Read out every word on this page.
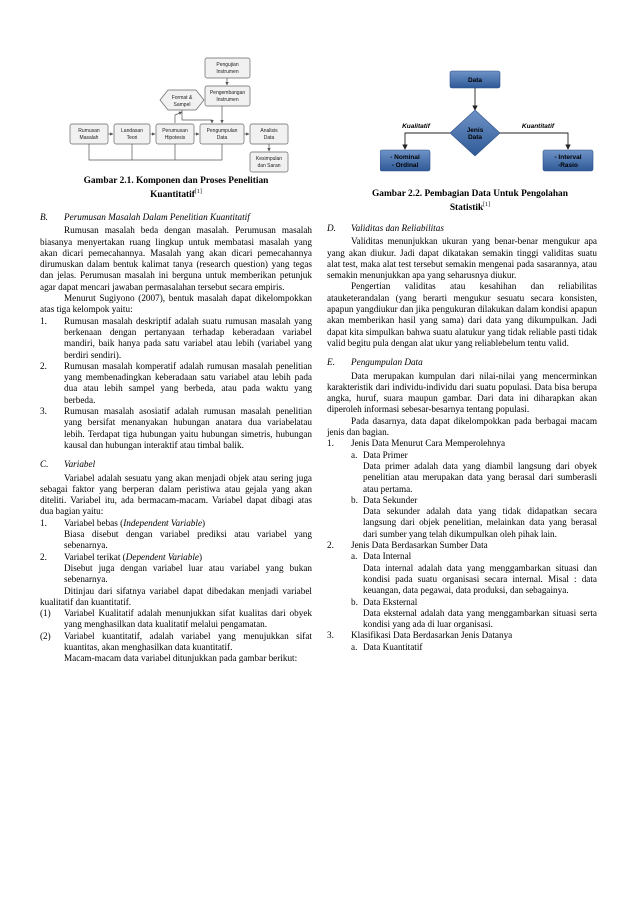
Pengujian
Instrumen
Pengembangan
Instrumen
Format &
Sampel
Rumusan
Masalah
Landasan
Teori
Perumusan
Hipotesis
Pengumpulan
Data
Analisis
Data
Kesimpulan
dan Saran
Gambar 2.1. Komponen dan Proses Penelitian
Kuantitatif[1]
Data
Jenis
Data
- Nominal
- Ordinal
- Interval
-Rasio
Kualitatif	Kuantitatif
Gambar 2.2. Pembagian Data Untuk Pengolahan
Statistik[1]
B. Perumusan Masalah Dalam Penelitian Kuantitatif

Rumusan masalah beda dengan masalah. Perumusan masalah biasanya menyertakan ruang lingkup untuk membatasi masalah yang akan dicari pemecahannya. Masalah yang akan dicari pemecahannya dirumuskan dalam bentuk kalimat tanya (research question) yang tegas dan jelas. Perumusan masalah ini berguna untuk memberikan petunjuk agar dapat mencari jawaban permasalahan tersebut secara empiris.

Menurut Sugiyono (2007), bentuk masalah dapat dikelompokkan atas tiga kelompok yaitu:

1. Rumusan masalah deskriptif adalah suatu rumusan masalah yang berkenaan dengan pertanyaan terhadap keberadaan variabel mandiri, baik hanya pada satu variabel atau lebih (variabel yang berdiri sendiri).
2. Rumusan masalah komperatif adalah rumusan masalah penelitian yang membenadingkan keberadaan satu variabel atau lebih pada dua atau lebih sampel yang berbeda, atau pada waktu yang berbeda.
3. Rumusan masalah asosiatif adalah rumusan masalah penelitian yang bersifat menanyakan hubungan anatara dua variabelatau lebih. Terdapat tiga hubungan yaitu hubungan simetris, hubungan kausal dan hubungan interaktif atau timbal balik.
C. Variabel

Variabel adalah sesuatu yang akan menjadi objek atau sering juga sebagai faktor yang berperan dalam peristiwa atau gejala yang akan diteliti. Variabel itu, ada bermacam-macam. Variabel dapat dibagi atas dua bagian yaitu:

1. Variabel bebas (Independent Variable)
Biasa disebut dengan variabel prediksi atau variabel yang sebenarnya.
2. Variabel terikat (Dependent Variable)
Disebut juga dengan variabel luar atau variabel yang bukan sebenarnya.

Ditinjau dari sifatnya variabel dapat dibedakan menjadi variabel kualitatif dan kuantitatif.

(1) Variabel Kualitatif adalah menunjukkan sifat kualitas dari obyek yang menghasilkan data kualitatif melalui pengamatan.
(2) Variabel kuantitatif, adalah variabel yang menujukkan sifat kuantitas, akan menghasilkan data kuantitatif.

Macam-macam data variabel ditunjukkan pada gambar berikut:

D. Validitas dan Reliabilitas

Validitas menunjukkan ukuran yang benar-benar mengukur apa yang akan diukur. Jadi dapat dikatakan semakin tinggi validitas suatu alat test, maka alat test tersebut semakin mengenai pada sasarannya, atau semakin menunjukkan apa yang seharusnya diukur.

Pengertian validitas atau kesahihan dan reliabilitas atauketerandalan (yang berarti mengukur sesuatu secara konsisten, apapun yangdiukur dan jika pengukuran dilakukan dalam kondisi apapun akan memberikan hasil yang sama) dari data yang dikumpulkan. Jadi dapat kita simpulkan bahwa suatu alatukur yang tidak reliable pasti tidak valid begitu pula dengan alat ukur yang reliablebelum tentu valid.

E. Pengumpulan Data

Data merupakan kumpulan dari nilai-nilai yang mencerminkan karakteristik dari individu-individu dari suatu populasi. Data bisa berupa angka, huruf, suara maupun gambar. Dari data ini diharapkan akan diperoleh informasi sebesar-besarnya tentang populasi.

Pada dasarnya, data dapat dikelompokkan pada berbagai macam jenis dan bagian.

1. Jenis Data Menurut Cara Memperolehnya
a. Data Primer
Data primer adalah data yang diambil langsung dari obyek penelitian atau merupakan data yang berasal dari sumberasli atau pertama.
b. Data Sekunder
Data sekunder adalah data yang tidak didapatkan secara langsung dari objek penelitian, melainkan data yang berasal dari sumber yang telah dikumpulkan oleh pihak lain.
2. Jenis Data Berdasarkan Sumber Data
a. Data Internal
Data internal adalah data yang menggambarkan situasi dan kondisi pada suatu organisasi secara internal. Misal : data keuangan, data pegawai, data produksi, dan sebagainya.
b. Data Eksternal
Data eksternal adalah data yang menggambarkan situasi serta kondisi yang ada di luar organisasi.
3. Klasifikasi Data Berdasarkan Jenis Datanya
a. Data Kuantitatif
